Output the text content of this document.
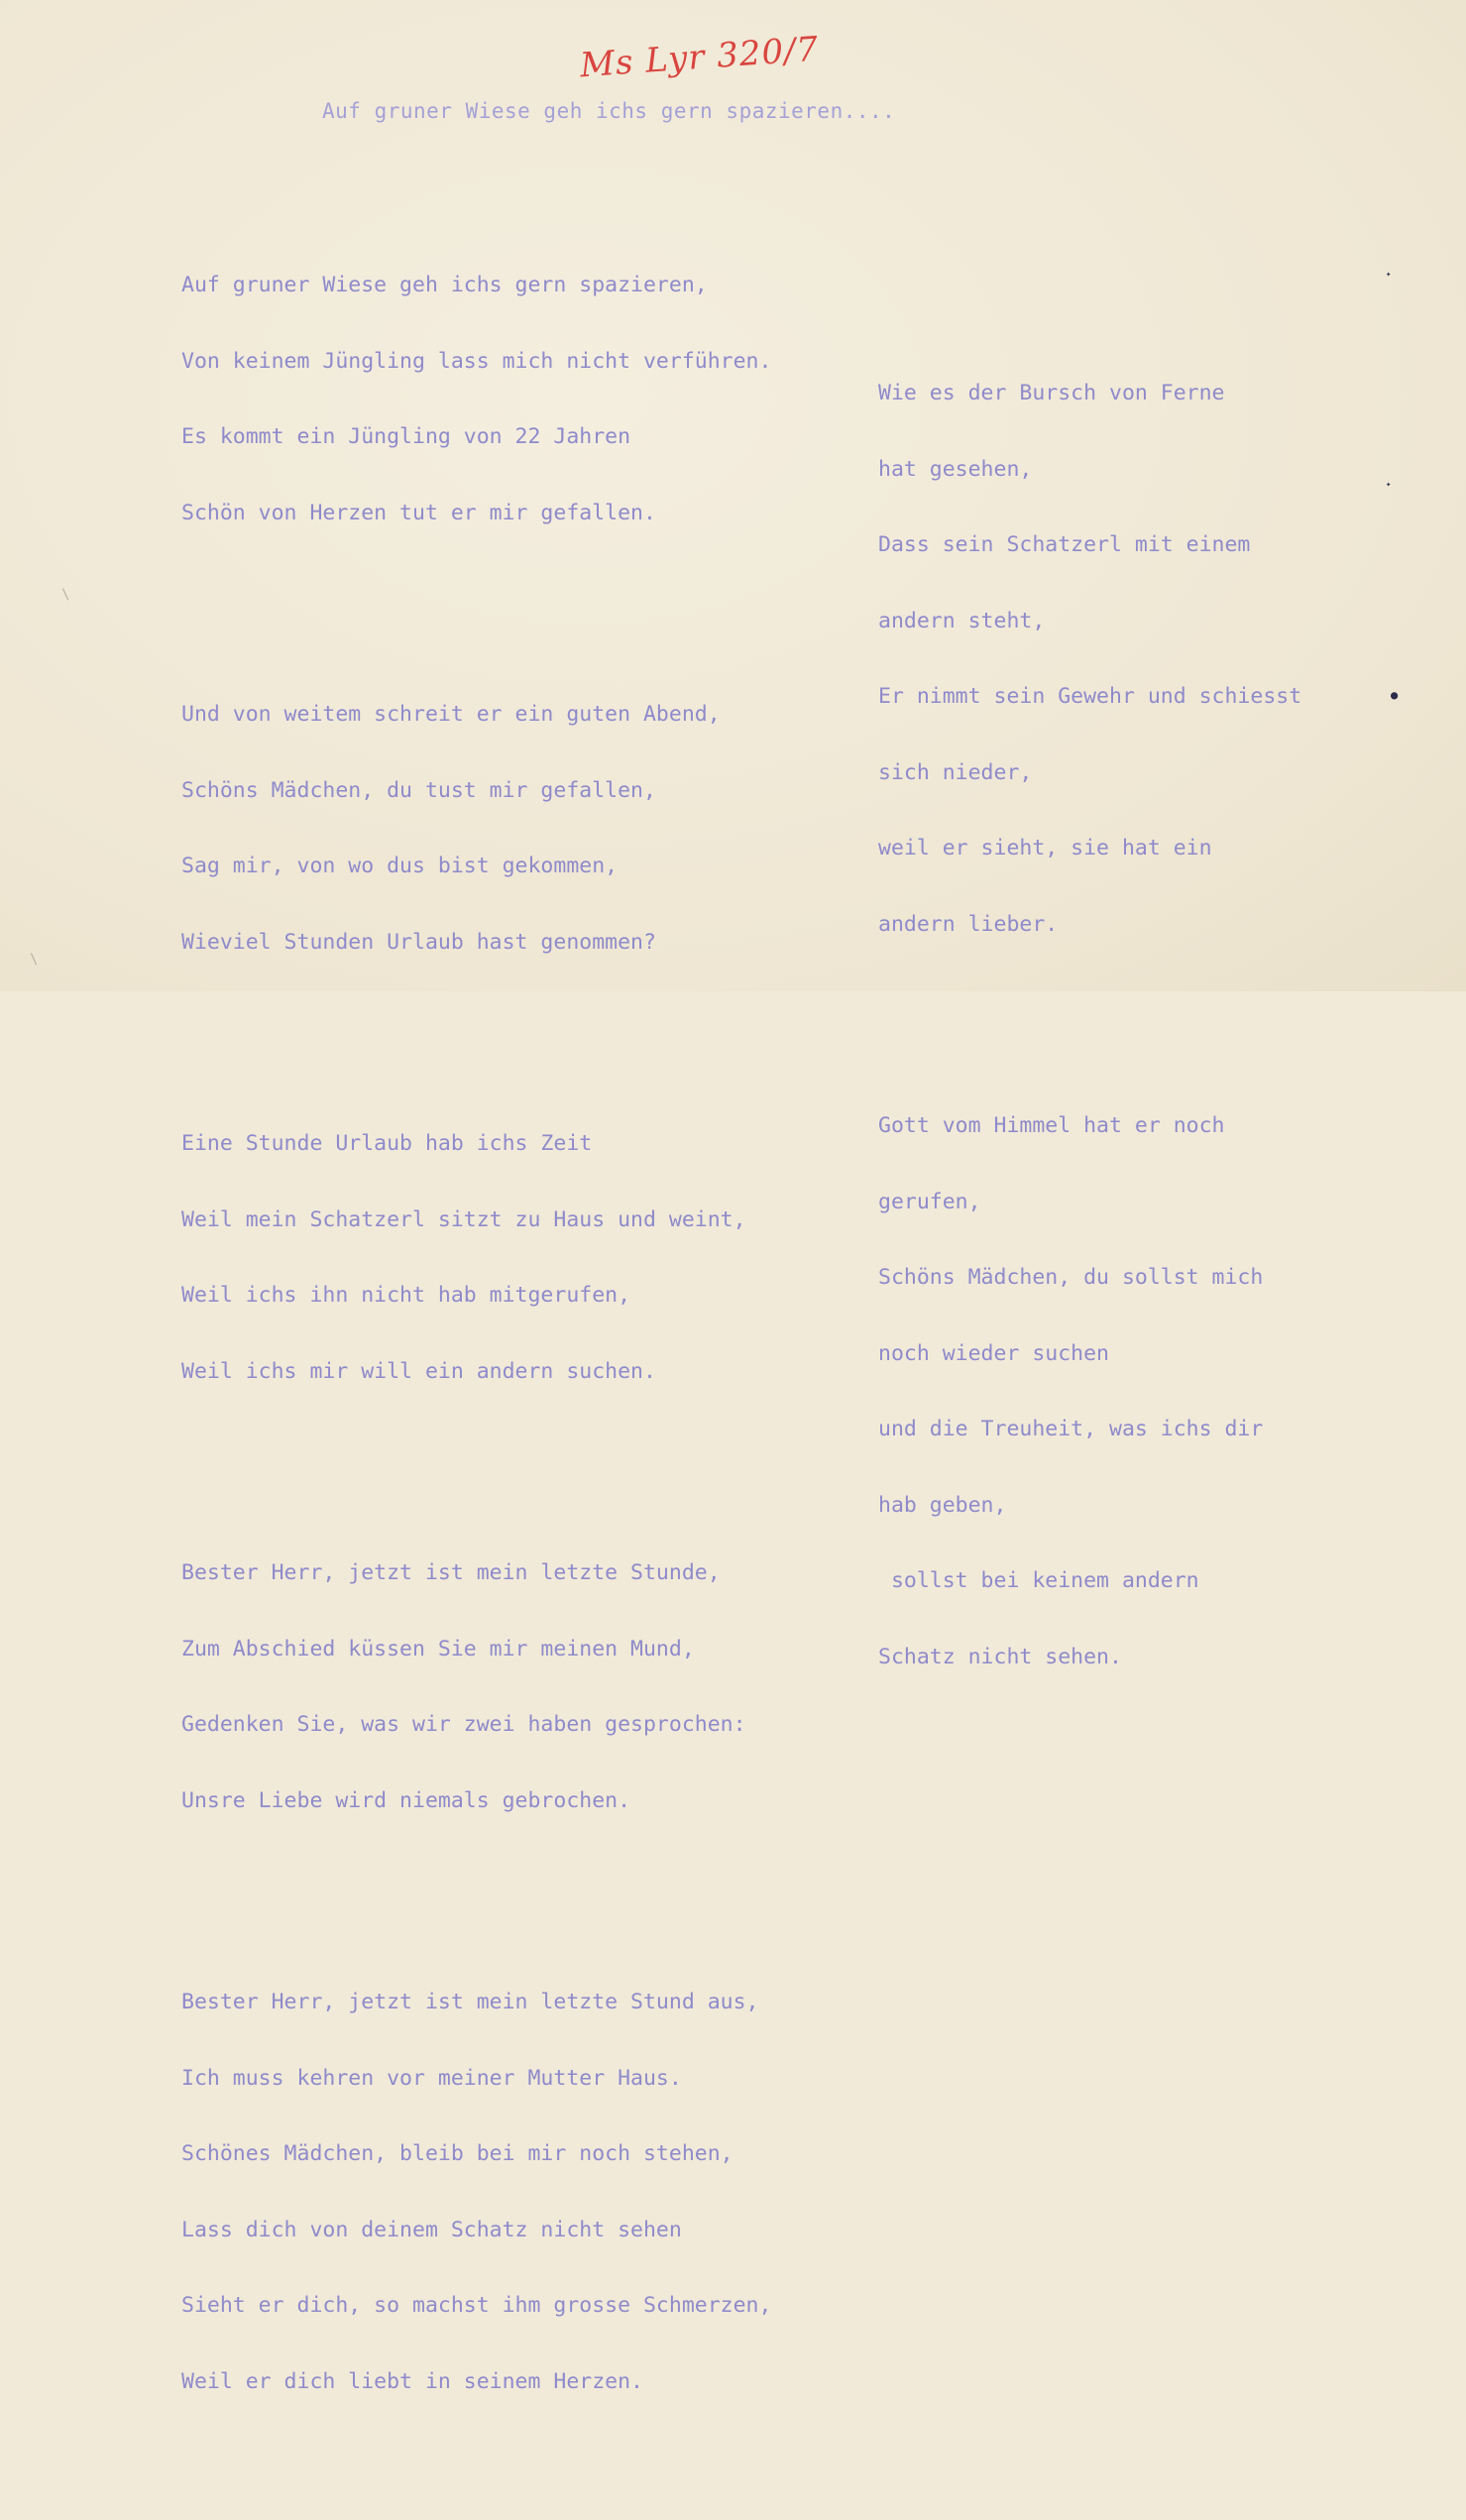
Ms Lyr 320/7
Auf gruner Wiese geh ichs gern spazieren....

Auf gruner Wiese geh ichs gern spazieren,

Von keinem Jüngling lass mich nicht verführen.

Es kommt ein Jüngling von 22 Jahren

Schön von Herzen tut er mir gefallen.

Und von weitem schreit er ein guten Abend,

Schöns Mädchen, du tust mir gefallen,

Sag mir, von wo dus bist gekommen,

Wieviel Stunden Urlaub hast genommen?

Eine Stunde Urlaub hab ichs Zeit

Weil mein Schatzerl sitzt zu Haus und weint,

Weil ichs ihn nicht hab mitgerufen,

Weil ichs mir will ein andern suchen.

Bester Herr, jetzt ist mein letzte Stunde,

Zum Abschied küssen Sie mir meinen Mund,

Gedenken Sie, was wir zwei haben gesprochen:

Unsre Liebe wird niemals gebrochen.

Bester Herr, jetzt ist mein letzte Stund aus,

Ich muss kehren vor meiner Mutter Haus.

Schönes Mädchen, bleib bei mir noch stehen,

Lass dich von deinem Schatz nicht sehen

Sieht er dich, so machst ihm grosse Schmerzen,

Weil er dich liebt in seinem Herzen.

Wie es der Bursch von Ferne

hat gesehen,

Dass sein Schatzerl mit einem

andern steht,

Er nimmt sein Gewehr und schiesst

sich nieder,

weil er sieht, sie hat ein

andern lieber.

Gott vom Himmel hat er noch

gerufen,

Schöns Mädchen, du sollst mich

noch wieder suchen

und die Treuheit, was ichs dir

hab geben,

sollst bei keinem andern

Schatz nicht sehen.

✦
✦
●
\
\
